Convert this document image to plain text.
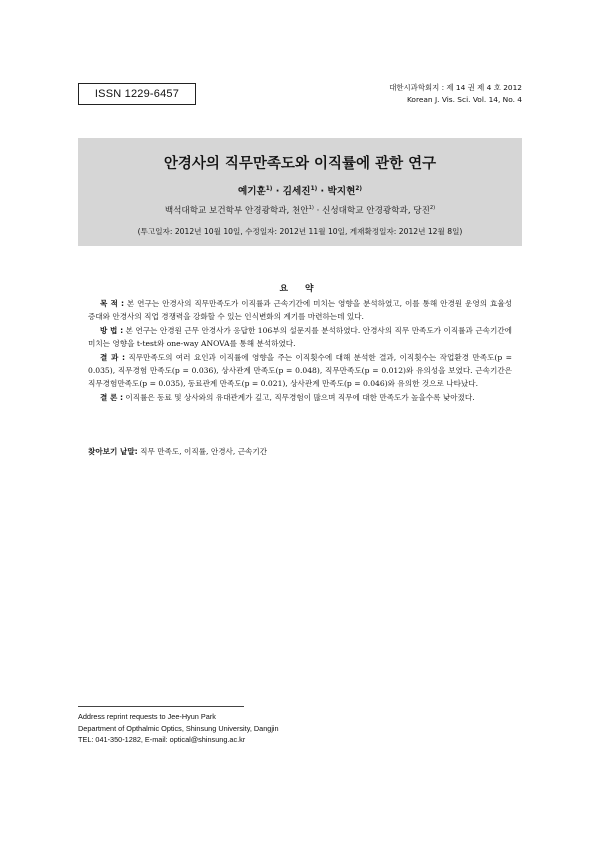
ISSN 1229-6457
대한시과학회지 : 제 14 권 제 4 호 2012
Korean J. Vis. Sci. Vol. 14, No. 4
안경사의 직무만족도와 이직률에 관한 연구
예기훈$^{1)}$ · 김세진$^{1)}$ · 박지현$^{2)}$
백석대학교 보건학부 안경광학과, 천안$^{1)}$ · 신성대학교 안경광학과, 당진$^{2)}$
(투고일자: 2012년 10월 10일, 수정일자: 2012년 11월 10일, 게재확정일자: 2012년 12월 8일)
요 약

목 적 : 본 연구는 안경사의 직무만족도가 이직률과 근속기간에 미치는 영향을 분석하였고, 이를 통해 안경원 운영의 효율성 증대와 안경사의 직업 경쟁력을 강화할 수 있는 인식변화의 계기를 마련하는데 있다.

방 법 : 본 연구는 안경원 근무 안경사가 응답한 106부의 설문지를 분석하였다. 안경사의 직무 만족도가 이직률과 근속기간에 미치는 영향을 t-test와 one-way ANOVA를 통해 분석하였다.

결 과 : 직무만족도의 여러 요인과 이직률에 영향을 주는 이직횟수에 대해 분석한 결과, 이직횟수는 작업환경 만족도(p = 0.035), 직무경험 만족도(p = 0.036), 상사관계 만족도(p = 0.048), 직무만족도(p = 0.012)와 유의성을 보였다. 근속기간은 직무경험만족도(p = 0.035), 동료관계 만족도(p = 0.021), 상사관계 만족도(p = 0.046)와 유의한 것으로 나타났다.

결 론 : 이직률은 동료 및 상사와의 유대관계가 깊고, 직무경험이 많으며 직무에 대한 만족도가 높을수록 낮아졌다.

찾아보기 낱말: 직무 만족도, 이직률, 안경사, 근속기간
Address reprint requests to Jee-Hyun Park
Department of Opthalmic Optics, Shinsung University, Dangjin
TEL: 041-350-1282, E-mail: optical@shinsung.ac.kr
